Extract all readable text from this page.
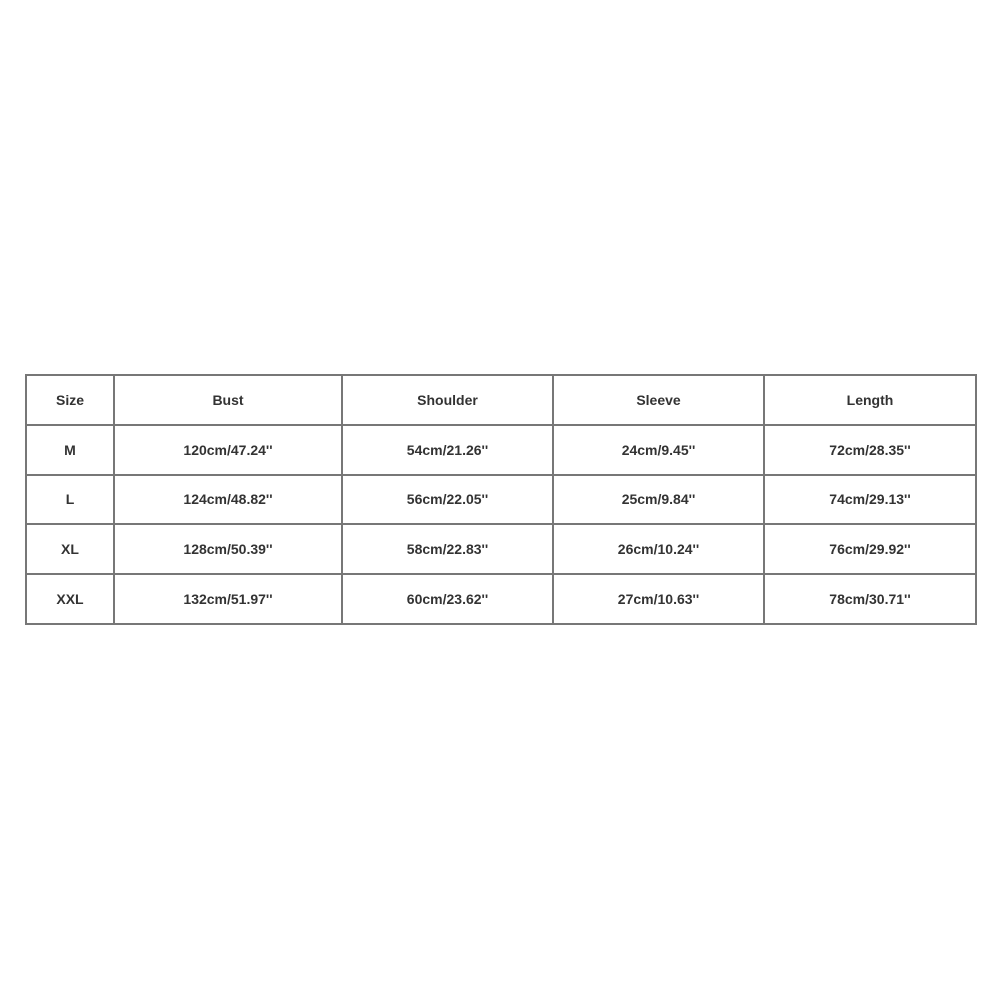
Size	Bust	Shoulder	Sleeve	Length
M	120cm/47.24''	54cm/21.26''	24cm/9.45''	72cm/28.35''
L	124cm/48.82''	56cm/22.05''	25cm/9.84''	74cm/29.13''
XL	128cm/50.39''	58cm/22.83''	26cm/10.24''	76cm/29.92''
XXL	132cm/51.97''	60cm/23.62''	27cm/10.63''	78cm/30.71''
